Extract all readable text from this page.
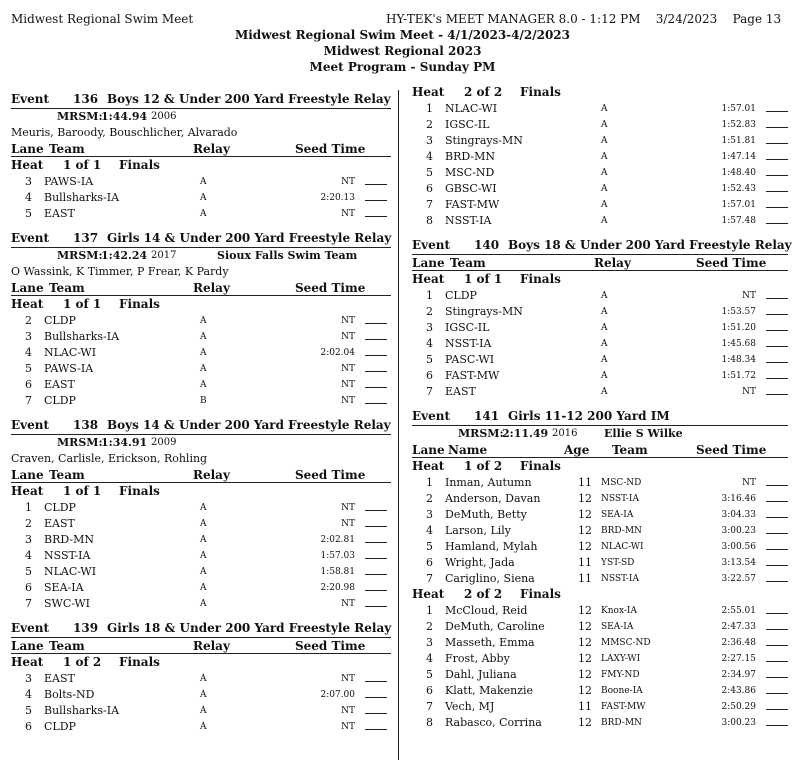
Midwest Regional Swim Meet	HY-TEK's MEET MANAGER 8.0 - 1:12 PM    3/24/2023    Page 13
Midwest Regional Swim Meet - 4/1/2023-4/2/2023
Midwest Regional 2023
Meet Program - Sunday PM
Event 136 Boys 12 & Under 200 Yard Freestyle Relay
MRSM:
1:44.94 2006
Meuris, Baroody, Bouschlicher, Alvarado
Lane Team	Relay	Seed Time
Heat 1 of 1 Finals
3 PAWS-IA	A	NT
4 Bullsharks-IA	A	2:20.13
5 EAST	A	NT
Event 137 Girls 14 & Under 200 Yard Freestyle Relay
MRSM:
1:42.24 2017	Sioux Falls Swim Team
O Wassink, K Timmer, P Frear, K Pardy
Lane Team	Relay	Seed Time
Heat 1 of 1 Finals
2 CLDP	A	NT
3 Bullsharks-IA	A	NT
4 NLAC-WI	A	2:02.04
5 PAWS-IA	A	NT
6 EAST	A	NT
7 CLDP	B	NT
Event 138 Boys 14 & Under 200 Yard Freestyle Relay
MRSM:
1:34.91 2009
Craven, Carlisle, Erickson, Rohling
Lane Team	Relay	Seed Time
Heat 1 of 1 Finals
1 CLDP	A	NT
2 EAST	A	NT
3 BRD-MN	A	2:02.81
4 NSST-IA	A	1:57.03
5 NLAC-WI	A	1:58.81
6 SEA-IA	A	2:20.98
7 SWC-WI	A	NT
Event 139 Girls 18 & Under 200 Yard Freestyle Relay
Lane Team	Relay	Seed Time
Heat 1 of 2 Finals
3 EAST	A	NT
4 Bolts-ND	A	2:07.00
5 Bullsharks-IA	A	NT
6 CLDP	A	NT
Heat 2 of 2 Finals
1 NLAC-WI	A	1:57.01
2 IGSC-IL	A	1:52.83
3 Stingrays-MN	A	1:51.81
4 BRD-MN	A	1:47.14
5 MSC-ND	A	1:48.40
6 GBSC-WI	A	1:52.43
7 FAST-MW	A	1:57.01
8 NSST-IA	A	1:57.48
Event 140 Boys 18 & Under 200 Yard Freestyle Relay
Lane Team	Relay	Seed Time
Heat 1 of 1 Finals
1 CLDP	A	NT
2 Stingrays-MN	A	1:53.57
3 IGSC-IL	A	1:51.20
4 NSST-IA	A	1:45.68
5 PASC-WI	A	1:48.34
6 FAST-MW	A	1:51.72
7 EAST	A	NT
Event 141 Girls 11-12 200 Yard IM
MRSM:
2:11.49 2016 Ellie S Wilke
Lane Name	Age Team	Seed Time
Heat 1 of 2 Finals
1 Inman, Autumn	11 MSC-ND	NT
2 Anderson, Davan	12 NSST-IA	3:16.46
3 DeMuth, Betty	12 SEA-IA	3:04.33
4 Larson, Lily	12 BRD-MN	3:00.23
5 Hamland, Mylah	12 NLAC-WI	3:00.56
6 Wright, Jada	11 YST-SD	3:13.54
7 Cariglino, Siena	11 NSST-IA	3:22.57
Heat 2 of 2 Finals
1 McCloud, Reid	12 Knox-IA	2:55.01
2 DeMuth, Caroline	12 SEA-IA	2:47.33
3 Masseth, Emma	12 MMSC-ND	2:36.48
4 Frost, Abby	12 LAXY-WI	2:27.15
5 Dahl, Juliana	12 FMY-ND	2:34.97
6 Klatt, Makenzie	12 Boone-IA	2:43.86
7 Vech, MJ	11 FAST-MW	2:50.29
8 Rabasco, Corrina	12 BRD-MN	3:00.23
